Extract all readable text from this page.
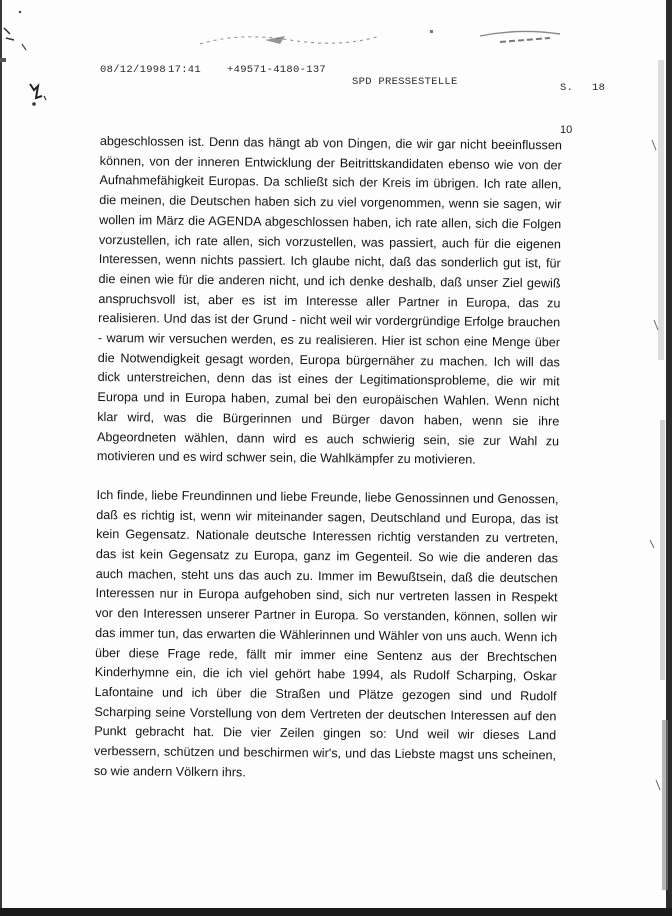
08/12/1998 17:41 +49571-4180-137
SPD PRESSESTELLE	S. 18
10

abgeschlossen ist. Denn das hängt ab von Dingen, die wir gar nicht beeinflussen können, von der inneren Entwicklung der Beitrittskandidaten ebenso wie von der Aufnahmefähigkeit Europas. Da schließt sich der Kreis im übrigen. Ich rate allen, die meinen, die Deutschen haben sich zu viel vorgenommen, wenn sie sagen, wir wollen im März die AGENDA abgeschlossen haben, ich rate allen, sich die Folgen vorzustellen, ich rate allen, sich vorzustellen, was passiert, auch für die eigenen Interessen, wenn nichts passiert. Ich glaube nicht, daß das sonderlich gut ist, für die einen wie für die anderen nicht, und ich denke deshalb, daß unser Ziel gewiß anspruchsvoll ist, aber es ist im Interesse aller Partner in Europa, das zu realisieren. Und das ist der Grund - nicht weil wir vordergründige Erfolge brauchen - warum wir versuchen werden, es zu realisieren. Hier ist schon eine Menge über die Notwendigkeit gesagt worden, Europa bürgernäher zu machen. Ich will das dick unterstreichen, denn das ist eines der Legitimationsprobleme, die wir mit Europa und in Europa haben, zumal bei den europäischen Wahlen. Wenn nicht klar wird, was die Bürgerinnen und Bürger davon haben, wenn sie ihre Abgeordneten wählen, dann wird es auch schwierig sein, sie zur Wahl zu motivieren und es wird schwer sein, die Wahlkämpfer zu motivieren.

Ich finde, liebe Freundinnen und liebe Freunde, liebe Genossinnen und Genossen, daß es richtig ist, wenn wir miteinander sagen, Deutschland und Europa, das ist kein Gegensatz. Nationale deutsche Interessen richtig verstanden zu vertreten, das ist kein Gegensatz zu Europa, ganz im Gegenteil. So wie die anderen das auch machen, steht uns das auch zu. Immer im Bewußtsein, daß die deutschen Interessen nur in Europa aufgehoben sind, sich nur vertreten lassen in Respekt vor den Interessen unserer Partner in Europa. So verstanden, können, sollen wir das immer tun, das erwarten die Wählerinnen und Wähler von uns auch. Wenn ich über diese Frage rede, fällt mir immer eine Sentenz aus der Brechtschen Kinderhymne ein, die ich viel gehört habe 1994, als Rudolf Scharping, Oskar Lafontaine und ich über die Straßen und Plätze gezogen sind und Rudolf Scharping seine Vorstellung von dem Vertreten der deutschen Interessen auf den Punkt gebracht hat. Die vier Zeilen gingen so: Und weil wir dieses Land verbessern, schützen und beschirmen wir's, und das Liebste magst uns scheinen, so wie andern Völkern ihrs.
